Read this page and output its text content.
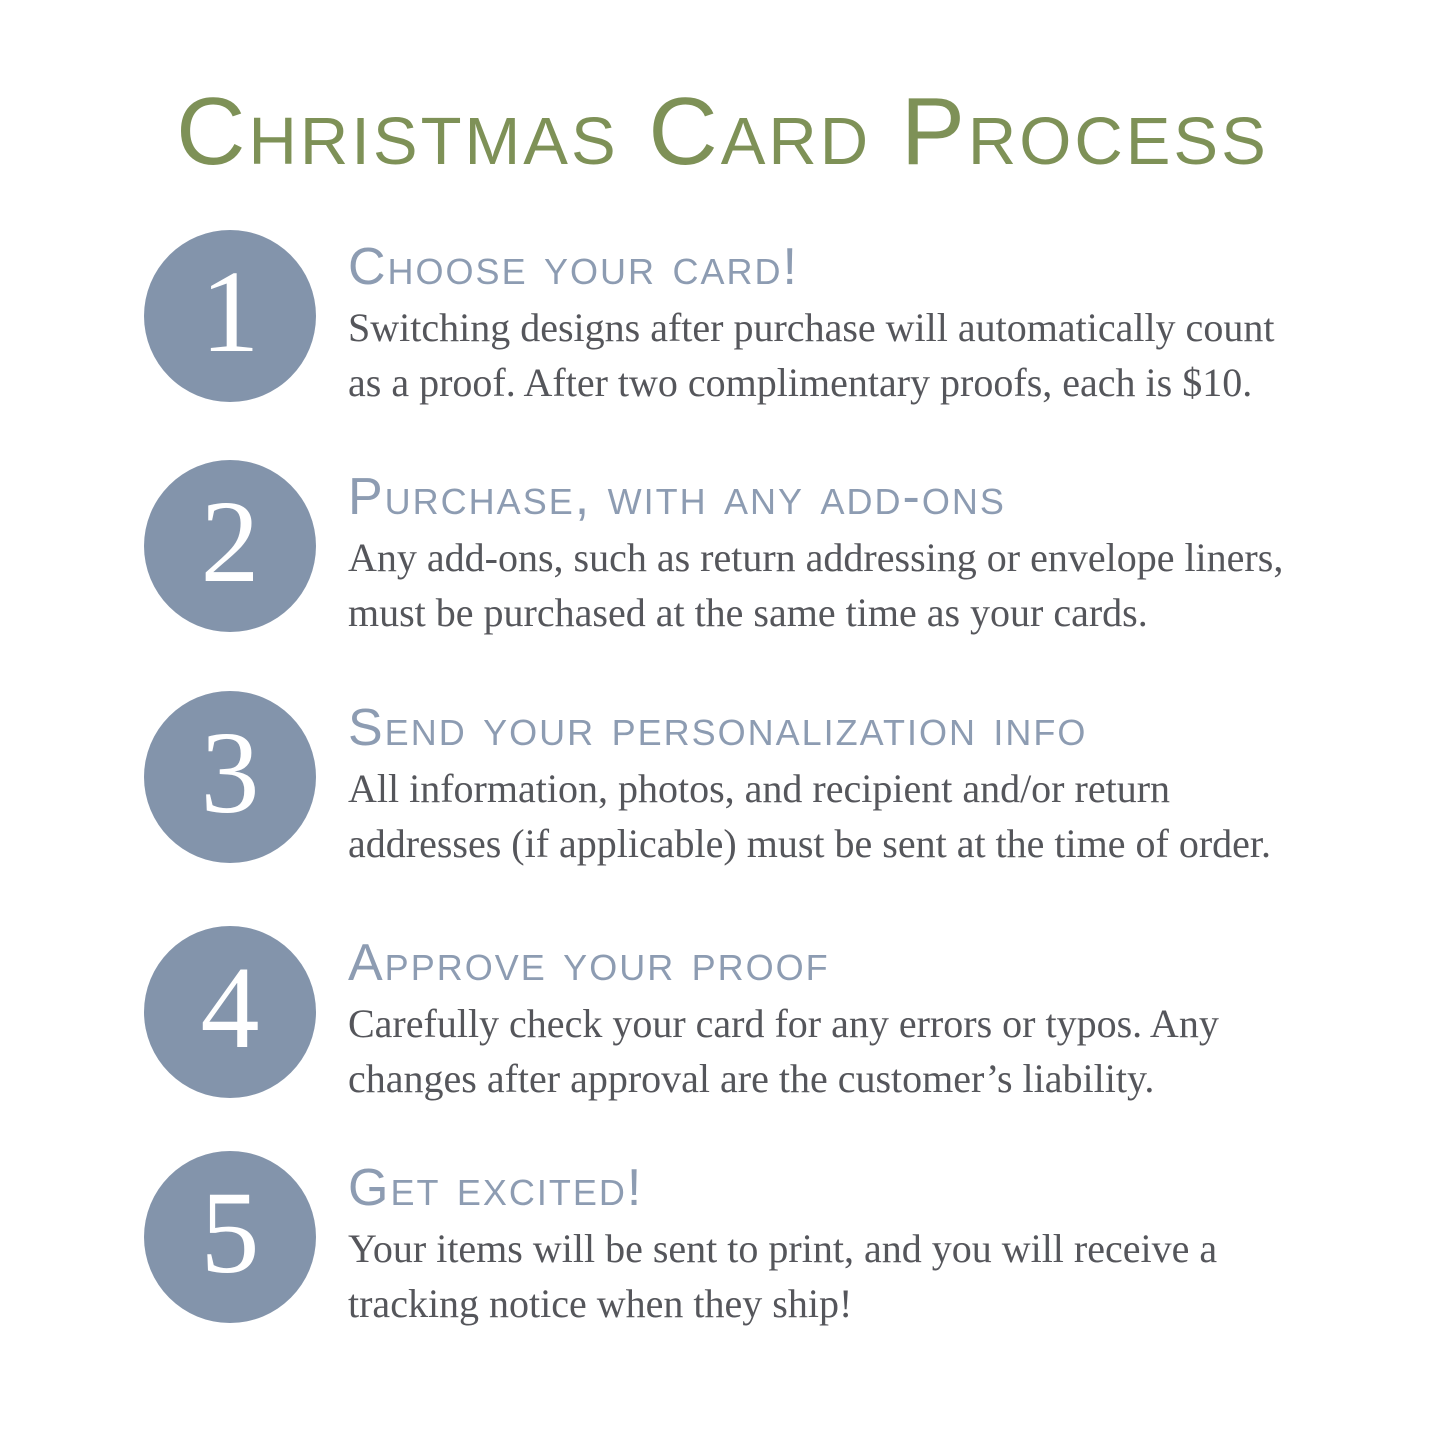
Christmas Card Process
1 Choose your card!
Switching designs after purchase will automatically count
as a proof. After two complimentary proofs, each is $10.
2 Purchase, with any add-ons
Any add-ons, such as return addressing or envelope liners,
must be purchased at the same time as your cards.
3 Send your personalization info
All information, photos, and recipient and/or return
addresses (if applicable) must be sent at the time of order.
4 Approve your proof
Carefully check your card for any errors or typos. Any
changes after approval are the customer’s liability.
5 Get excited!
Your items will be sent to print, and you will receive a
tracking notice when they ship!
